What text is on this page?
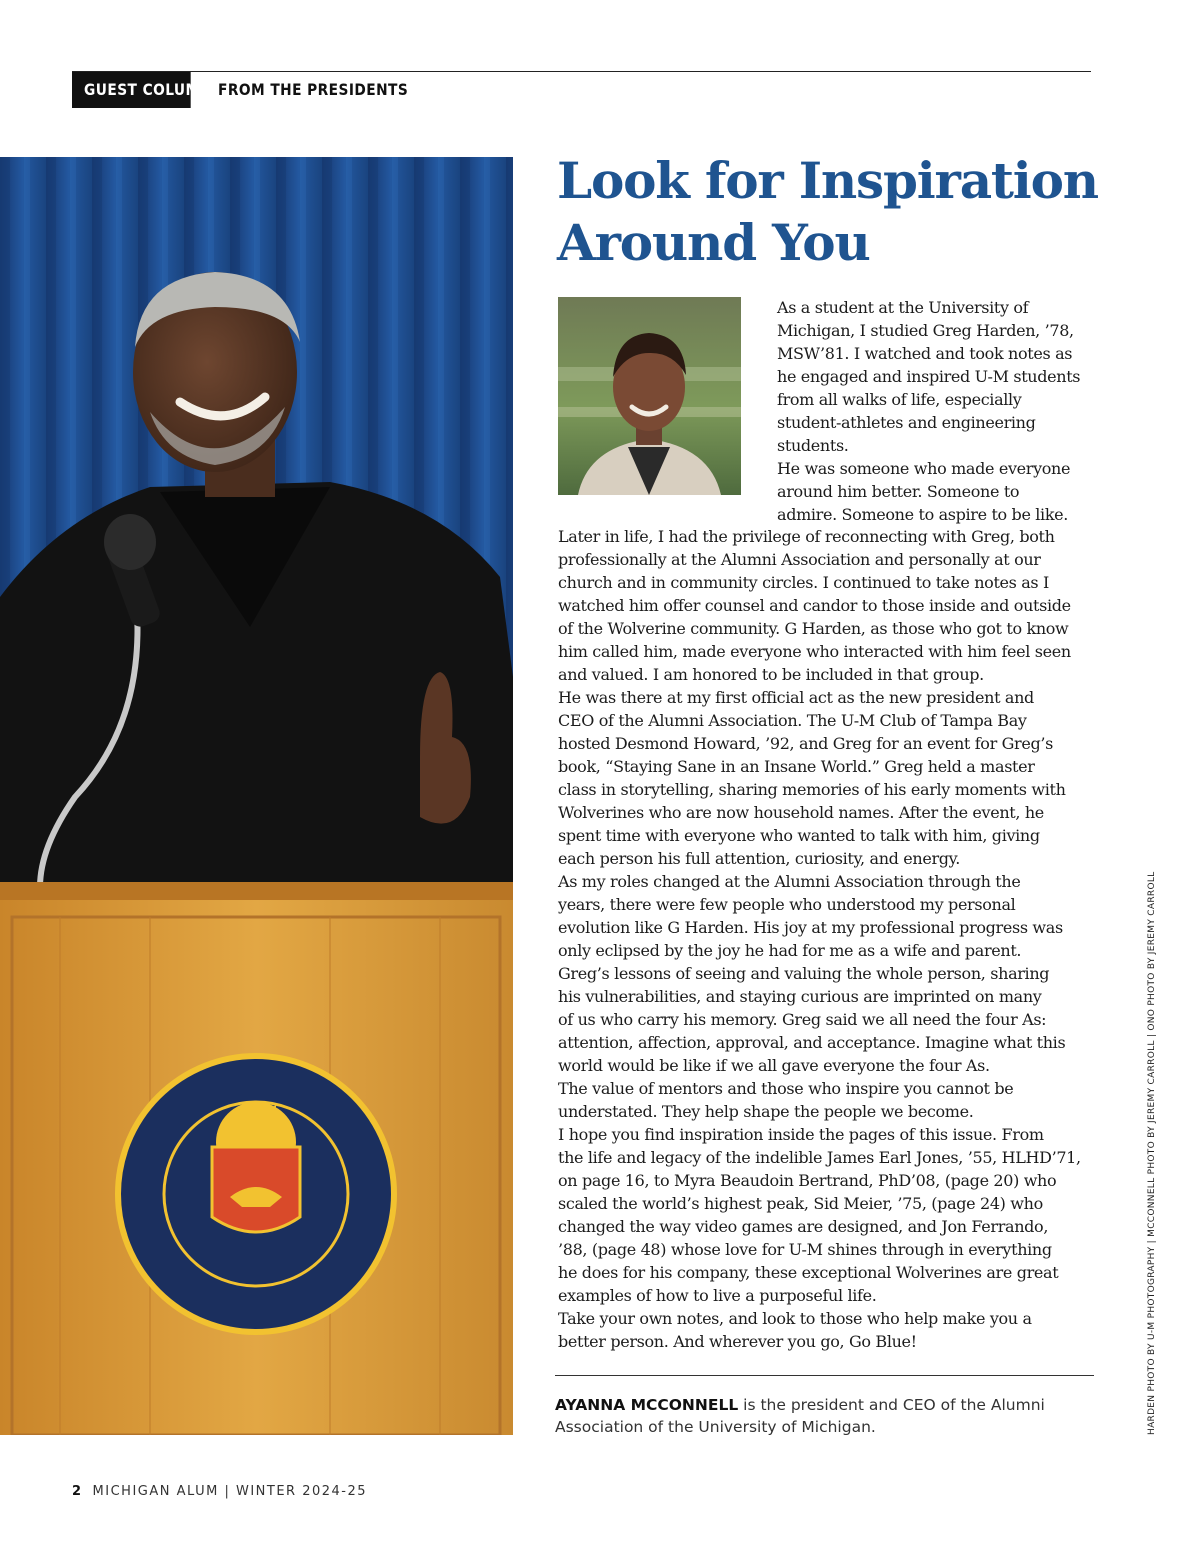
GUEST COLUMN FROM THE PRESIDENTS
Look for Inspiration
Around You

As a student at the University of
Michigan, I studied Greg Harden, ’78,
MSW’81. I watched and took notes as
he engaged and inspired U-M students
from all walks of life, especially
student-athletes and engineering
students.

He was someone who made everyone
around him better. Someone to
admire. Someone to aspire to be like.

Later in life, I had the privilege of reconnecting with Greg, both
professionally at the Alumni Association and personally at our
church and in community circles. I continued to take notes as I
watched him offer counsel and candor to those inside and outside
of the Wolverine community. G Harden, as those who got to know
him called him, made everyone who interacted with him feel seen
and valued. I am honored to be included in that group.
He was there at my first official act as the new president and
CEO of the Alumni Association. The U-M Club of Tampa Bay
hosted Desmond Howard, ’92, and Greg for an event for Greg’s
book, “Staying Sane in an Insane World.” Greg held a master
class in storytelling, sharing memories of his early moments with
Wolverines who are now household names. After the event, he
spent time with everyone who wanted to talk with him, giving
each person his full attention, curiosity, and energy.
As my roles changed at the Alumni Association through the
years, there were few people who understood my personal
evolution like G Harden. His joy at my professional progress was
only eclipsed by the joy he had for me as a wife and parent.
Greg’s lessons of seeing and valuing the whole person, sharing
his vulnerabilities, and staying curious are imprinted on many
of us who carry his memory. Greg said we all need the four As:
attention, affection, approval, and acceptance. Imagine what this
world would be like if we all gave everyone the four As.
The value of mentors and those who inspire you cannot be
understated. They help shape the people we become.
I hope you find inspiration inside the pages of this issue. From
the life and legacy of the indelible James Earl Jones, ’55, HLHD’71,
on page 16, to Myra Beaudoin Bertrand, PhD’08, (page 20) who
scaled the world’s highest peak, Sid Meier, ’75, (page 24) who
changed the way video games are designed, and Jon Ferrando,
’88, (page 48) whose love for U-M shines through in everything
he does for his company, these exceptional Wolverines are great
examples of how to live a purposeful life.
Take your own notes, and look to those who help make you a
better person. And wherever you go, Go Blue!

AYANNA MCCONNELL is the president and CEO of the Alumni Association of the University of Michigan.	HARDEN PHOTO BY U-M PHOTOGRAPHY | MCCONNELL PHOTO BY JEREMY CARROLL | ONO PHOTO BY JEREMY CARROLL
2 MICHIGAN ALUM | WINTER 2024-25
